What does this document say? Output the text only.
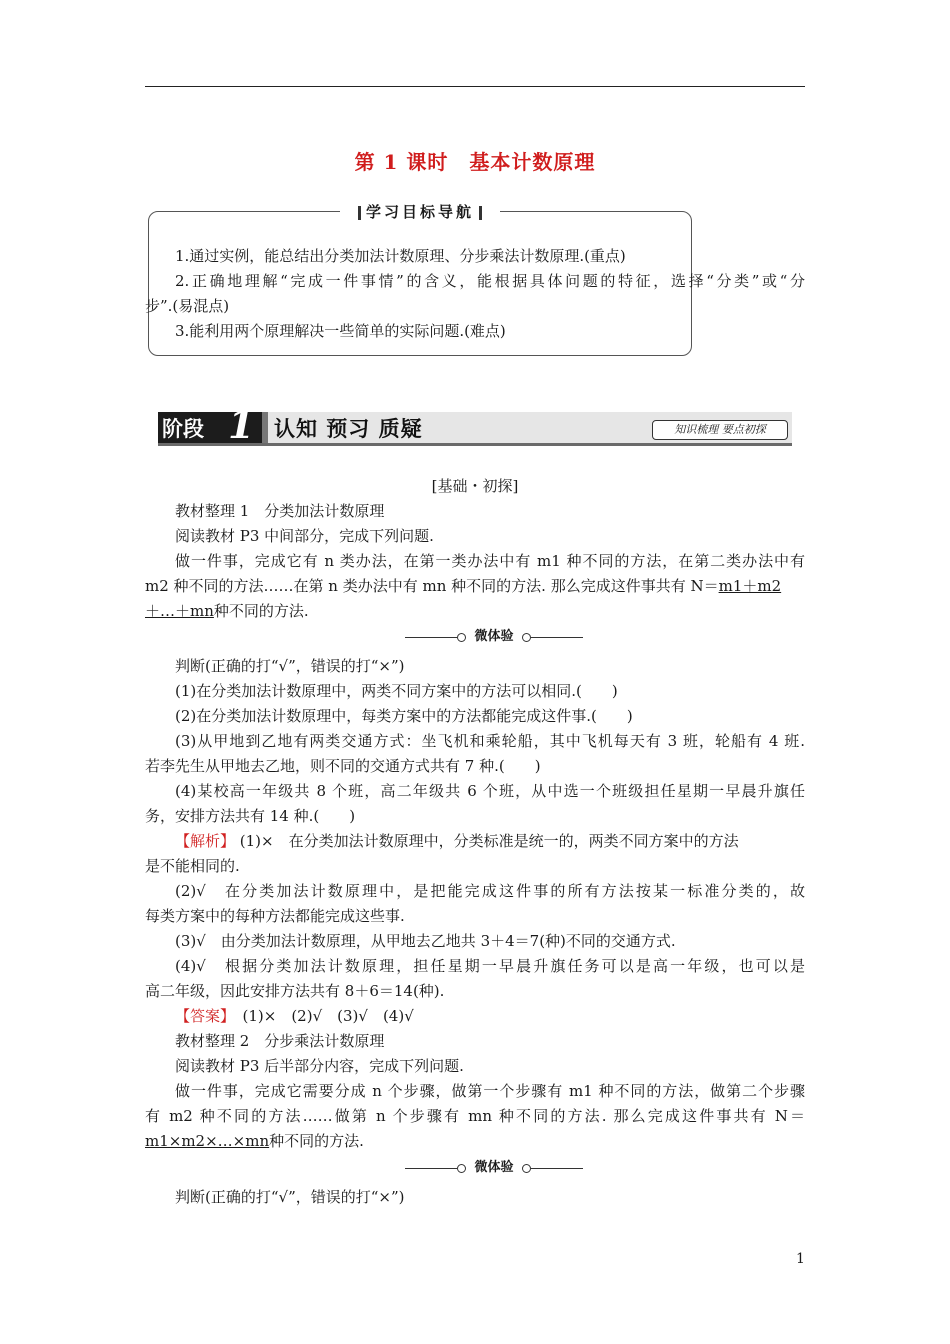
第 1 课时　基本计数原理
学习目标导航
1.通过实例，能总结出分类加法计数原理、分步乘法计数原理.(重点)
2.正确地理解“完成一件事情”的含义，能根据具体问题的特征，选择“分类”或“分
步”.(易混点)
3.能利用两个原理解决一些简单的实际问题.(难点)
阶段 1 认知 预习 质疑	知识梳理 要点初探
[基础・初探]
教材整理 1　分类加法计数原理
阅读教材 P3 中间部分，完成下列问题.
做一件事，完成它有 n 类办法，在第一类办法中有 m1 种不同的方法，在第二类办法中有
m2 种不同的方法……在第 n 类办法中有 mn 种不同的方法. 那么完成这件事共有 N＝m1＋m2
＋…＋mn种不同的方法.
微体验
判断(正确的打“√”，错误的打“×”)
(1)在分类加法计数原理中，两类不同方案中的方法可以相同.(　　)
(2)在分类加法计数原理中，每类方案中的方法都能完成这件事.(　　)
(3)从甲地到乙地有两类交通方式：坐飞机和乘轮船，其中飞机每天有 3 班，轮船有 4 班.
若李先生从甲地去乙地，则不同的交通方式共有 7 种.(　　)
(4)某校高一年级共 8 个班，高二年级共 6 个班，从中选一个班级担任星期一早晨升旗任
务，安排方法共有 14 种.(　　)
【解析】 (1)×　在分类加法计数原理中，分类标准是统一的，两类不同方案中的方法
是不能相同的.
(2)√　在分类加法计数原理中，是把能完成这件事的所有方法按某一标准分类的，故
每类方案中的每种方法都能完成这些事.
(3)√　由分类加法计数原理，从甲地去乙地共 3＋4＝7(种)不同的交通方式.
(4)√　根据分类加法计数原理，担任星期一早晨升旗任务可以是高一年级，也可以是
高二年级，因此安排方法共有 8＋6＝14(种).
【答案】　(1)×　(2)√　(3)√　(4)√
教材整理 2　分步乘法计数原理
阅读教材 P3 后半部分内容，完成下列问题.
做一件事，完成它需要分成 n 个步骤，做第一个步骤有 m1 种不同的方法，做第二个步骤
有 m2 种不同的方法……做第 n 个步骤有 mn 种不同的方法. 那么完成这件事共有 N＝
m1×m2×…×mn种不同的方法.
微体验
判断(正确的打“√”，错误的打“×”)
1
